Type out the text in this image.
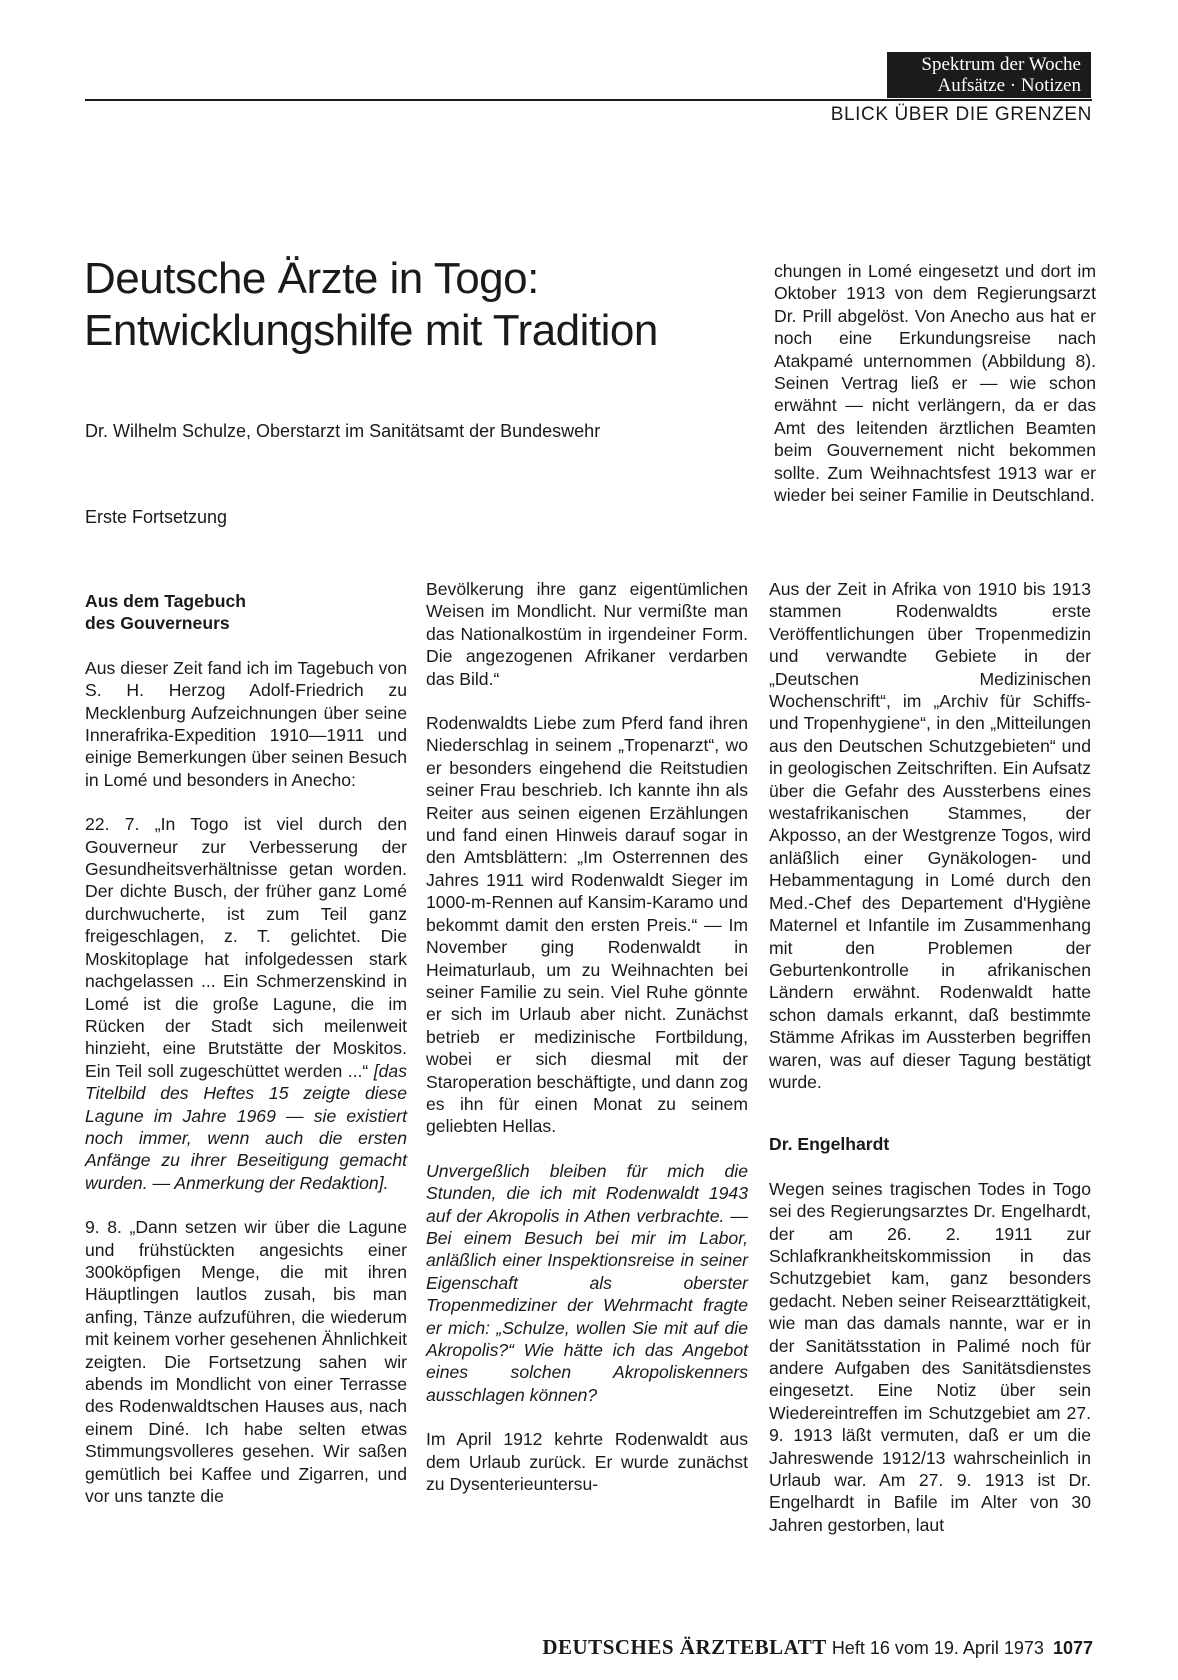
Spektrum der Woche
Aufsätze · Notizen
BLICK ÜBER DIE GRENZEN
Deutsche Ärzte in Togo:
Entwicklungshilfe mit Tradition
Dr. Wilhelm Schulze, Oberstarzt im Sanitätsamt der Bundeswehr
Erste Fortsetzung

chungen in Lomé eingesetzt und dort im Oktober 1913 von dem Regierungsarzt Dr. Prill abgelöst. Von Anecho aus hat er noch eine Erkundungsreise nach Atakpamé unternommen (Abbildung 8). Seinen Vertrag ließ er — wie schon erwähnt — nicht verlängern, da er das Amt des leitenden ärztlichen Beamten beim Gouvernement nicht bekommen sollte. Zum Weihnachtsfest 1913 war er wieder bei seiner Familie in Deutschland.

Aus dem Tagebuch
des Gouverneurs

Aus dieser Zeit fand ich im Tagebuch von S. H. Herzog Adolf-Friedrich zu Mecklenburg Aufzeichnungen über seine Innerafrika-Expedition 1910—1911 und einige Bemerkungen über seinen Besuch in Lomé und besonders in Anecho:

22. 7. „In Togo ist viel durch den Gouverneur zur Verbesserung der Gesundheitsverhältnisse getan worden. Der dichte Busch, der früher ganz Lomé durchwucherte, ist zum Teil ganz freigeschlagen, z. T. gelichtet. Die Moskitoplage hat infolgedessen stark nachgelassen ... Ein Schmerzenskind in Lomé ist die große Lagune, die im Rücken der Stadt sich meilenweit hinzieht, eine Brutstätte der Moskitos. Ein Teil soll zugeschüttet werden ...“ [das Titelbild des Heftes 15 zeigte diese Lagune im Jahre 1969 — sie existiert noch immer, wenn auch die ersten Anfänge zu ihrer Beseitigung gemacht wurden. — Anmerkung der Redaktion].

9. 8. „Dann setzen wir über die Lagune und frühstückten angesichts einer 300köpfigen Menge, die mit ihren Häuptlingen lautlos zusah, bis man anfing, Tänze aufzuführen, die wiederum mit keinem vorher gesehenen Ähnlichkeit zeigten. Die Fortsetzung sahen wir abends im Mondlicht von einer Terrasse des Rodenwaldtschen Hauses aus, nach einem Diné. Ich habe selten etwas Stimmungsvolleres gesehen. Wir saßen gemütlich bei Kaffee und Zigarren, und vor uns tanzte die

Bevölkerung ihre ganz eigentümlichen Weisen im Mondlicht. Nur vermißte man das Nationalkostüm in irgendeiner Form. Die angezogenen Afrikaner verdarben das Bild.“

Rodenwaldts Liebe zum Pferd fand ihren Niederschlag in seinem „Tropenarzt“, wo er besonders eingehend die Reitstudien seiner Frau beschrieb. Ich kannte ihn als Reiter aus seinen eigenen Erzählungen und fand einen Hinweis darauf sogar in den Amtsblättern: „Im Osterrennen des Jahres 1911 wird Rodenwaldt Sieger im 1000-m-Rennen auf Kansim-Karamo und bekommt damit den ersten Preis.“ — Im November ging Rodenwaldt in Heimaturlaub, um zu Weihnachten bei seiner Familie zu sein. Viel Ruhe gönnte er sich im Urlaub aber nicht. Zunächst betrieb er medizinische Fortbildung, wobei er sich diesmal mit der Staroperation beschäftigte, und dann zog es ihn für einen Monat zu seinem geliebten Hellas.

Unvergeßlich bleiben für mich die Stunden, die ich mit Rodenwaldt 1943 auf der Akropolis in Athen verbrachte. — Bei einem Besuch bei mir im Labor, anläßlich einer Inspektionsreise in seiner Eigenschaft als oberster Tropenmediziner der Wehrmacht fragte er mich: „Schulze, wollen Sie mit auf die Akropolis?“ Wie hätte ich das Angebot eines solchen Akropoliskenners ausschlagen können?

Im April 1912 kehrte Rodenwaldt aus dem Urlaub zurück. Er wurde zunächst zu Dysenterieuntersu-

Aus der Zeit in Afrika von 1910 bis 1913 stammen Rodenwaldts erste Veröffentlichungen über Tropenmedizin und verwandte Gebiete in der „Deutschen Medizinischen Wochenschrift“, im „Archiv für Schiffs- und Tropenhygiene“, in den „Mitteilungen aus den Deutschen Schutzgebieten“ und in geologischen Zeitschriften. Ein Aufsatz über die Gefahr des Aussterbens eines westafrikanischen Stammes, der Akposso, an der Westgrenze Togos, wird anläßlich einer Gynäkologen- und Hebammentagung in Lomé durch den Med.-Chef des Departement d'Hygiène Maternel et Infantile im Zusammenhang mit den Problemen der Geburtenkontrolle in afrikanischen Ländern erwähnt. Rodenwaldt hatte schon damals erkannt, daß bestimmte Stämme Afrikas im Aussterben begriffen waren, was auf dieser Tagung bestätigt wurde.

Dr. Engelhardt

Wegen seines tragischen Todes in Togo sei des Regierungsarztes Dr. Engelhardt, der am 26. 2. 1911 zur Schlafkrankheitskommission in das Schutzgebiet kam, ganz besonders gedacht. Neben seiner Reisearzttätigkeit, wie man das damals nannte, war er in der Sanitätsstation in Palimé noch für andere Aufgaben des Sanitätsdienstes eingesetzt. Eine Notiz über sein Wiedereintreffen im Schutzgebiet am 27. 9. 1913 läßt vermuten, daß er um die Jahreswende 1912/13 wahrscheinlich in Urlaub war. Am 27. 9. 1913 ist Dr. Engelhardt in Bafile im Alter von 30 Jahren gestorben, laut

DEUTSCHES ÄRZTEBLATT Heft 16 vom 19. April 1973 1077
